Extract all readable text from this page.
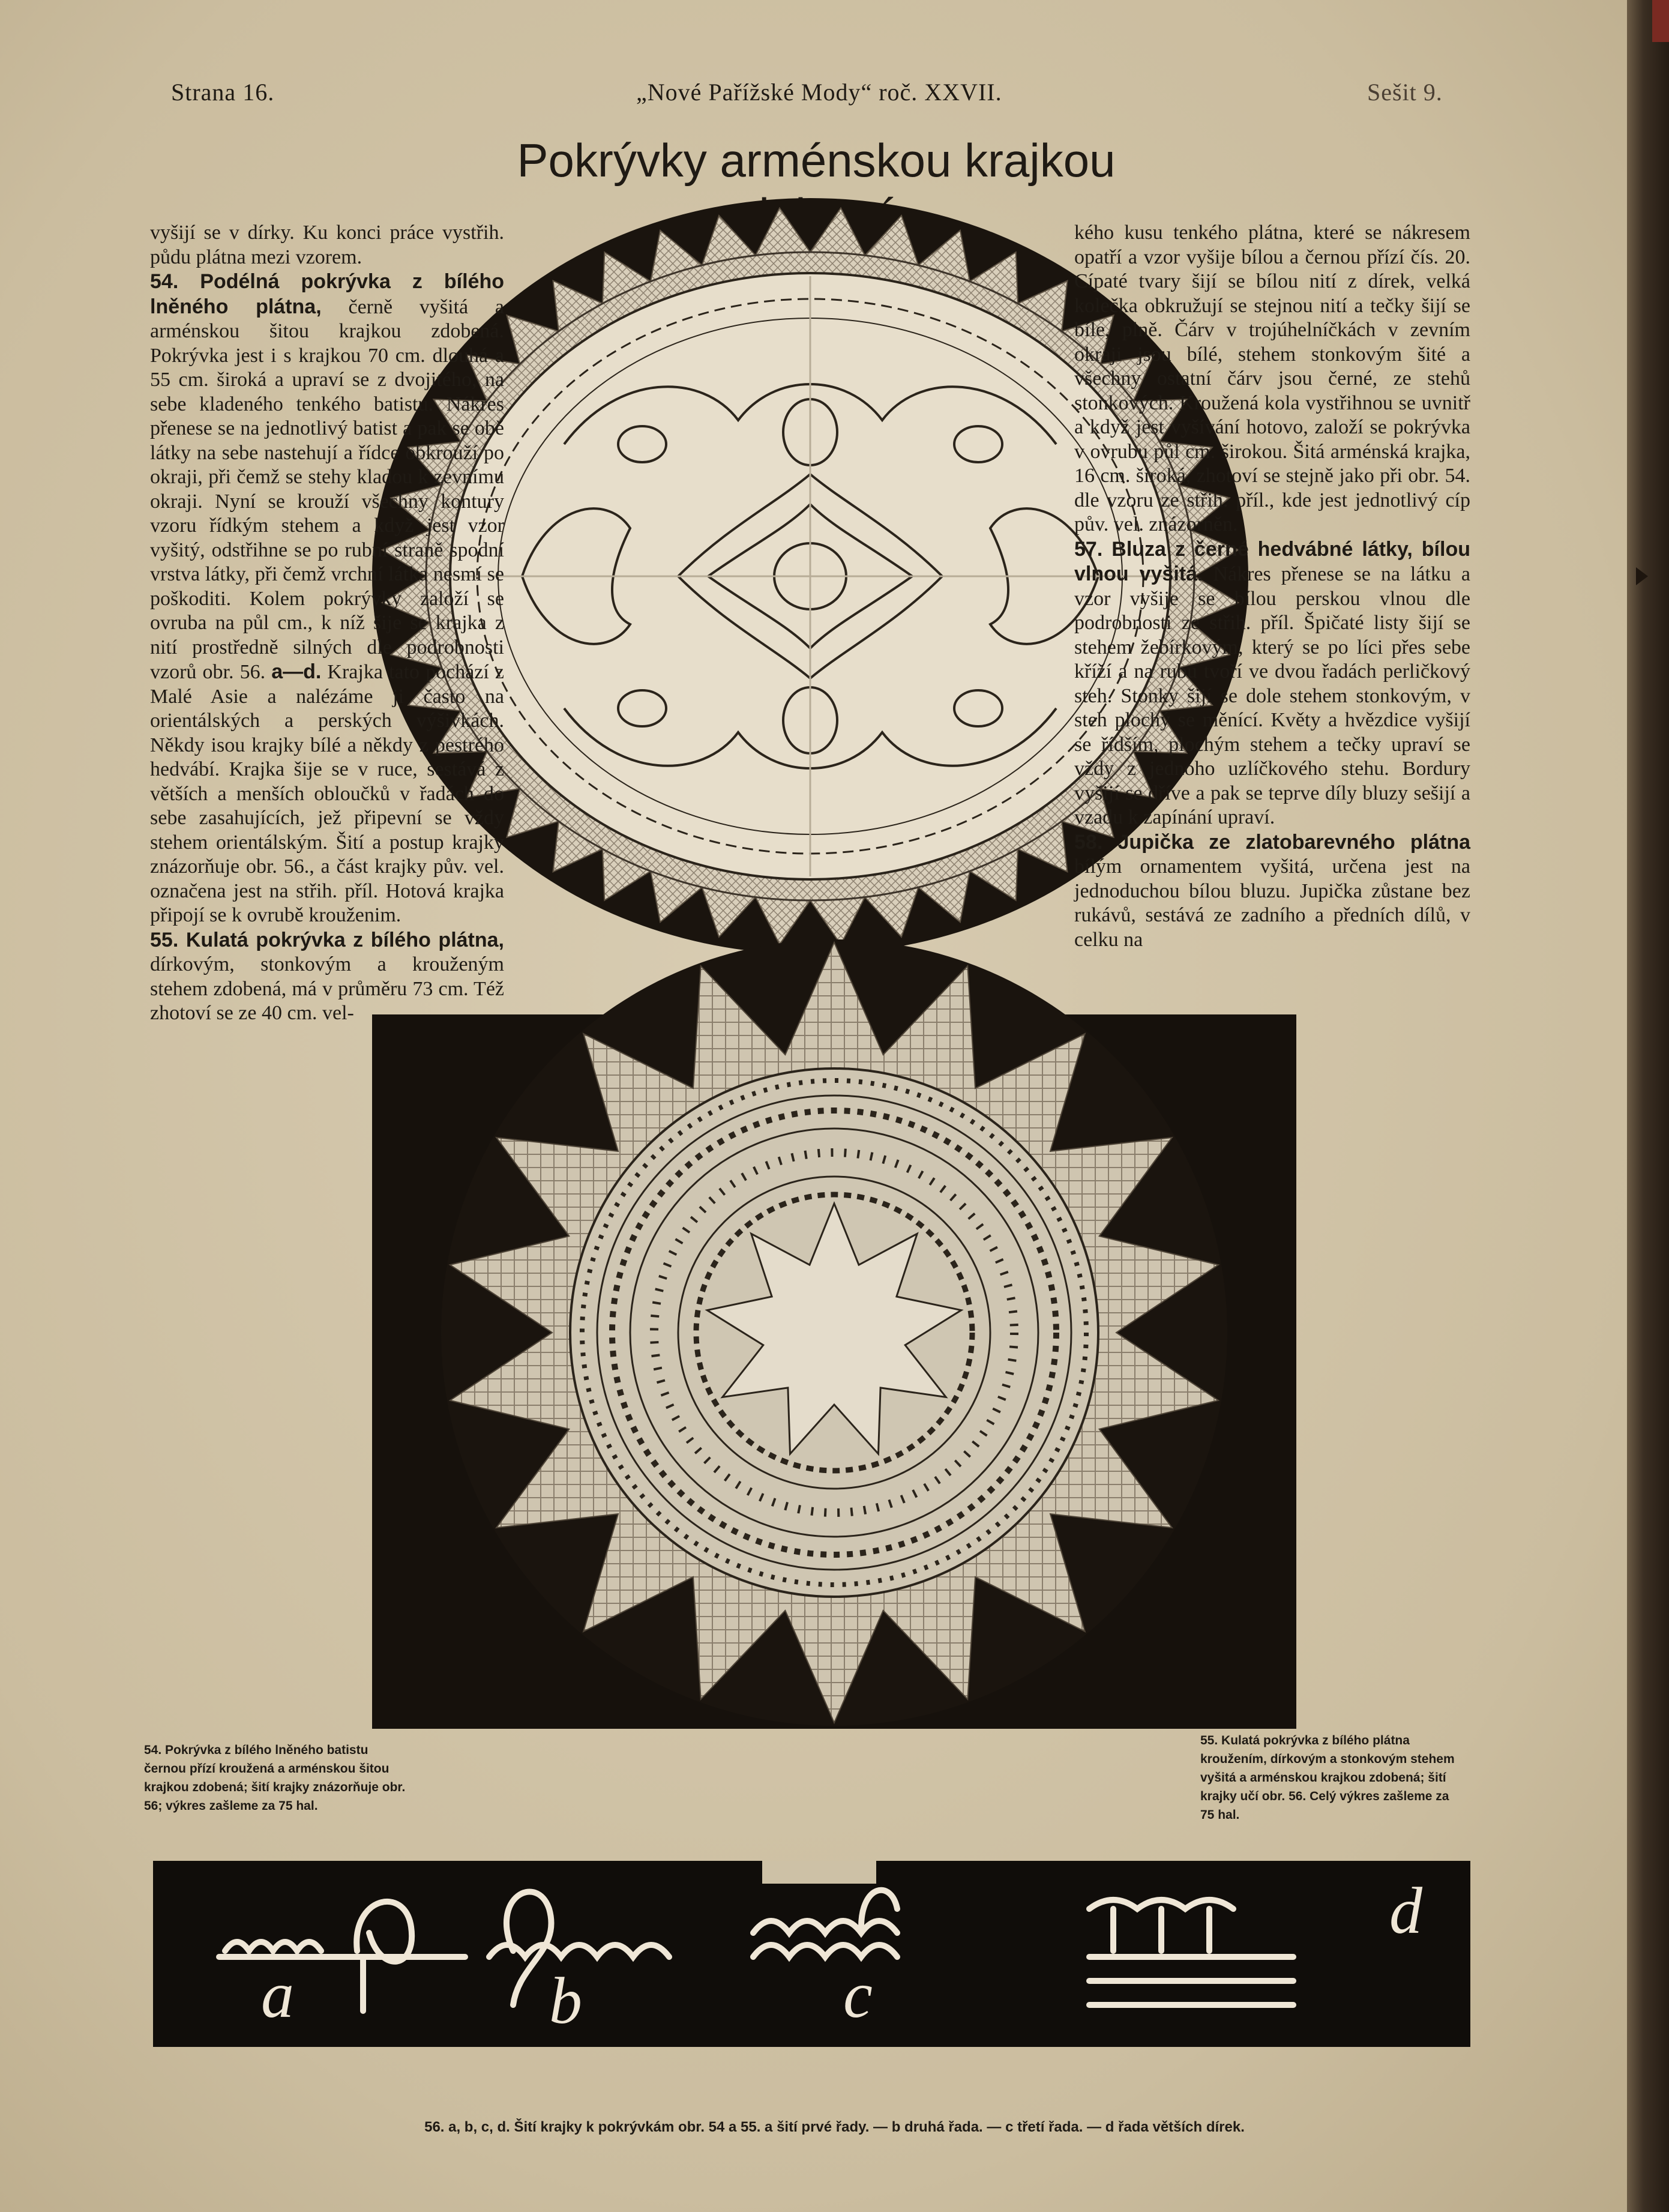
Strana 16.	„Nové Pařížské Mody“ roč. XXVII.	Sešit 9.
Pokrývky arménskou krajkou

vyšijí se v dírky. Ku konci práce vystřih. půdu plátna mezi vzorem.

54. Podélná pokrývka z bílého lněného plátna, černě vyšitá a arménskou šitou krajkou zdobená. Pokrývka jest i s krajkou 70 cm. dlouhá a 55 cm. široká a upraví se z dvojitého, na sebe kladeného tenkého batistu. Nákres přenese se na jednotlivý batist a pak se obě látky na sebe nastehují a řídce obkrouží po okraji, při čemž se stehy kladou k zevnímu okraji. Nyní se krouží všechny kontury vzoru řídkým stehem a když jest vzor vyšitý, odstřihne se po rubní straně spodní vrstva látky, při čemž vrchní látka nesmí se poškoditi. Kolem pokrývky založí se ovruba na půl cm., k níž šije se krajka z nití prostředně silných dle podrobnosti vzorů obr. 56. a—d. Krajka tato pochází z Malé Asie a nalézáme ji často na orientálských a perských výšivkách. Někdy isou krajky bílé a někdy z pestrého hedvábí. Krajka šije se v ruce, sestává z větších a menších obloučků v řadách do sebe zasahujících, jež připevní se vždy stehem orientálským. Šití a postup krajky znázorňuje obr. 56., a část krajky pův. vel. označena jest na střih. příl. Hotová krajka připojí se k ovrubě krouženim.

55. Kulatá pokrývka z bílého plátna, dírkovým, stonkovým a krouženým stehem zdobená, má v průměru 73 cm. Též zhotoví se ze 40 cm. vel-

kého kusu tenkého plátna, které se nákresem opatří a vzor vyšije bílou a černou přízí čís. 20. Cípaté tvary šijí se bílou nití z dírek, velká kolečka obkružují se stejnou nití a tečky šijí se bíle, plně. Čárv v trojúhelníčkách v zevním okraji jsou bílé, stehem stonkovým šité a všechny ostatní čárv jsou černé, ze stehů stonkových. Kroužená kola vystřihnou se uvnitř a když jest vyšívání hotovo, založí se pokrývka v ovrubu půl cm. širokou. Šitá arménská krajka, 16 cm. široká, zhotoví se stejně jako při obr. 54. dle vzoru ze střih. příl., kde jest jednotlivý cíp pův. vel. znázorněn.

57. Bluza z černé hedvábné látky, bílou vlnou vyšitá. Nákres přenese se na látku a vzor vyšije se bílou perskou vlnou dle podrobnosti ze střih. příl. Špičaté listy šijí se stehem žebírkovým, který se po líci přes sebe kříží a na rubu tvoří ve dvou řadách perličkový steh. Stonky šijí se dole stehem stonkovým, v steh plochý se měnící. Květy a hvězdice vyšijí se řídším, plochým stehem a tečky upraví se vždy z jednoho uzlíčkového stehu. Bordury vyšijí se dříve a pak se teprve díly bluzy sešijí a vzadu k zapínání upraví.

58. Jupička ze zlatobarevného plátna bílým ornamentem vyšitá, určena jest na jednoduchou bílou bluzu. Jupička zůstane bez rukávů, sestává ze zadního a předních dílů, v celku na

54. Pokrývka z bílého lněného batistu černou přízí kroužená a arménskou šitou krajkou zdobená; šití krajky znázorňuje obr. 56; výkres zašleme za 75 hal.
55. Kulatá pokrývka z bílého plátna kroužením, dírkovým a stonkovým stehem vyšitá a arménskou krajkou zdobená; šití krajky učí obr. 56. Celý výkres zašleme za 75 hal.
a	b	c
d
56. a, b, c, d. Šití krajky k pokrývkám obr. 54 a 55. a šití prvé řady. — b druhá řada. — c třetí řada. — d řada větších dírek.
